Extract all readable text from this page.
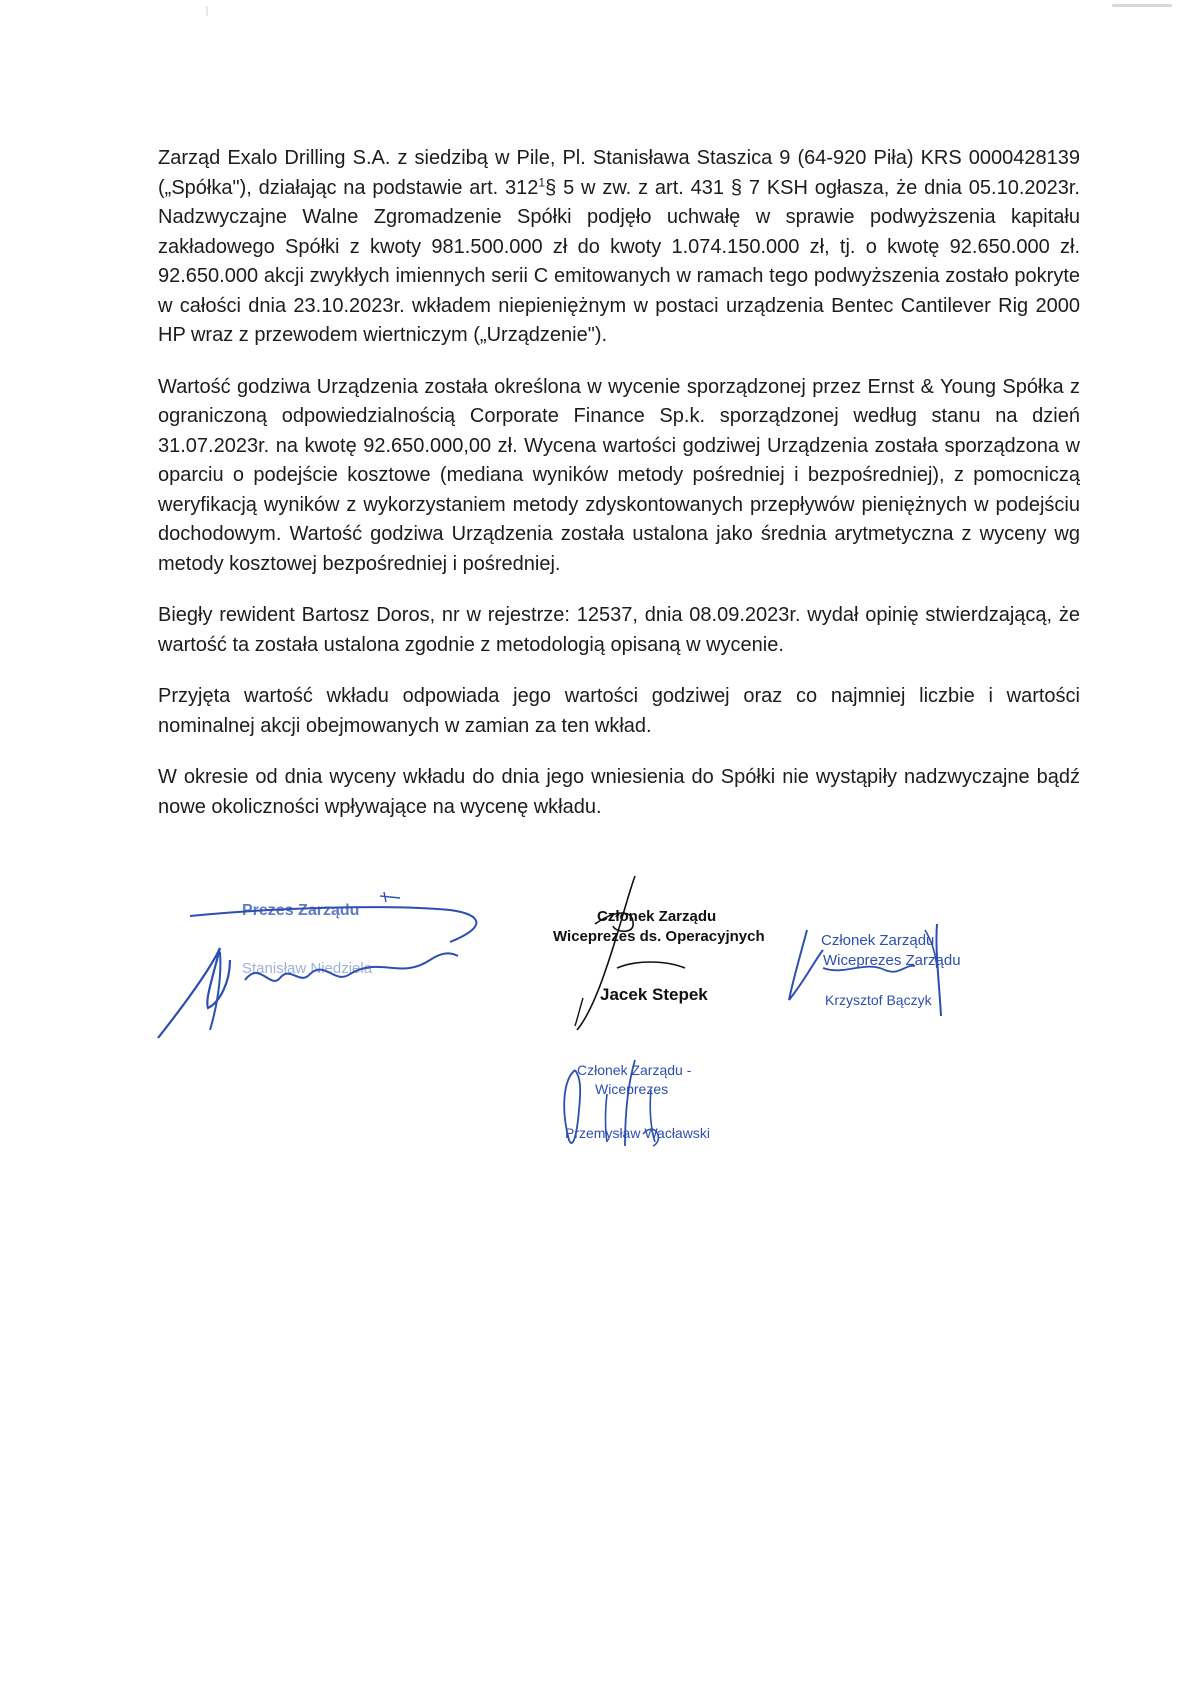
Zarząd Exalo Drilling S.A. z siedzibą w Pile, Pl. Stanisława Staszica 9 (64-920 Piła) KRS 0000428139 („Spółka"), działając na podstawie art. $312^1\S$ 5 w zw. z art. 431 § 7 KSH ogłasza, że dnia 05.10.2023r. Nadzwyczajne Walne Zgromadzenie Spółki podjęło uchwałę w sprawie podwyższenia kapitału zakładowego Spółki z kwoty 981.500.000 zł do kwoty 1.074.150.000 zł, tj. o kwotę 92.650.000 zł. 92.650.000 akcji zwykłych imiennych serii C emitowanych w ramach tego podwyższenia zostało pokryte w całości dnia 23.10.2023r. wkładem niepieniężnym w postaci urządzenia Bentec Cantilever Rig 2000 HP wraz z przewodem wiertniczym („Urządzenie").

Wartość godziwa Urządzenia została określona w wycenie sporządzonej przez Ernst & Young Spółka z ograniczoną odpowiedzialnością Corporate Finance Sp.k. sporządzonej według stanu na dzień 31.07.2023r. na kwotę 92.650.000,00 zł. Wycena wartości godziwej Urządzenia została sporządzona w oparciu o podejście kosztowe (mediana wyników metody pośredniej i bezpośredniej), z pomocniczą weryfikacją wyników z wykorzystaniem metody zdyskontowanych przepływów pieniężnych w podejściu dochodowym. Wartość godziwa Urządzenia została ustalona jako średnia arytmetyczna z wyceny wg metody kosztowej bezpośredniej i pośredniej.

Biegły rewident Bartosz Doros, nr w rejestrze: 12537, dnia 08.09.2023r. wydał opinię stwierdzającą, że wartość ta została ustalona zgodnie z metodologią opisaną w wycenie.

Przyjęta wartość wkładu odpowiada jego wartości godziwej oraz co najmniej liczbie i wartości nominalnej akcji obejmowanych w zamian za ten wkład.

W okresie od dnia wyceny wkładu do dnia jego wniesienia do Spółki nie wystąpiły nadzwyczajne bądź nowe okoliczności wpływające na wycenę wkładu.

Prezes Zarządu
Stanisław Niedziela
Członek Zarządu
Wiceprezes ds. Operacyjnych
Jacek Stepek
Członek Zarządu
Wiceprezes Zarządu
Krzysztof Bączyk
Członek Zarządu -
Wiceprezes
Przemysław Wacławski
